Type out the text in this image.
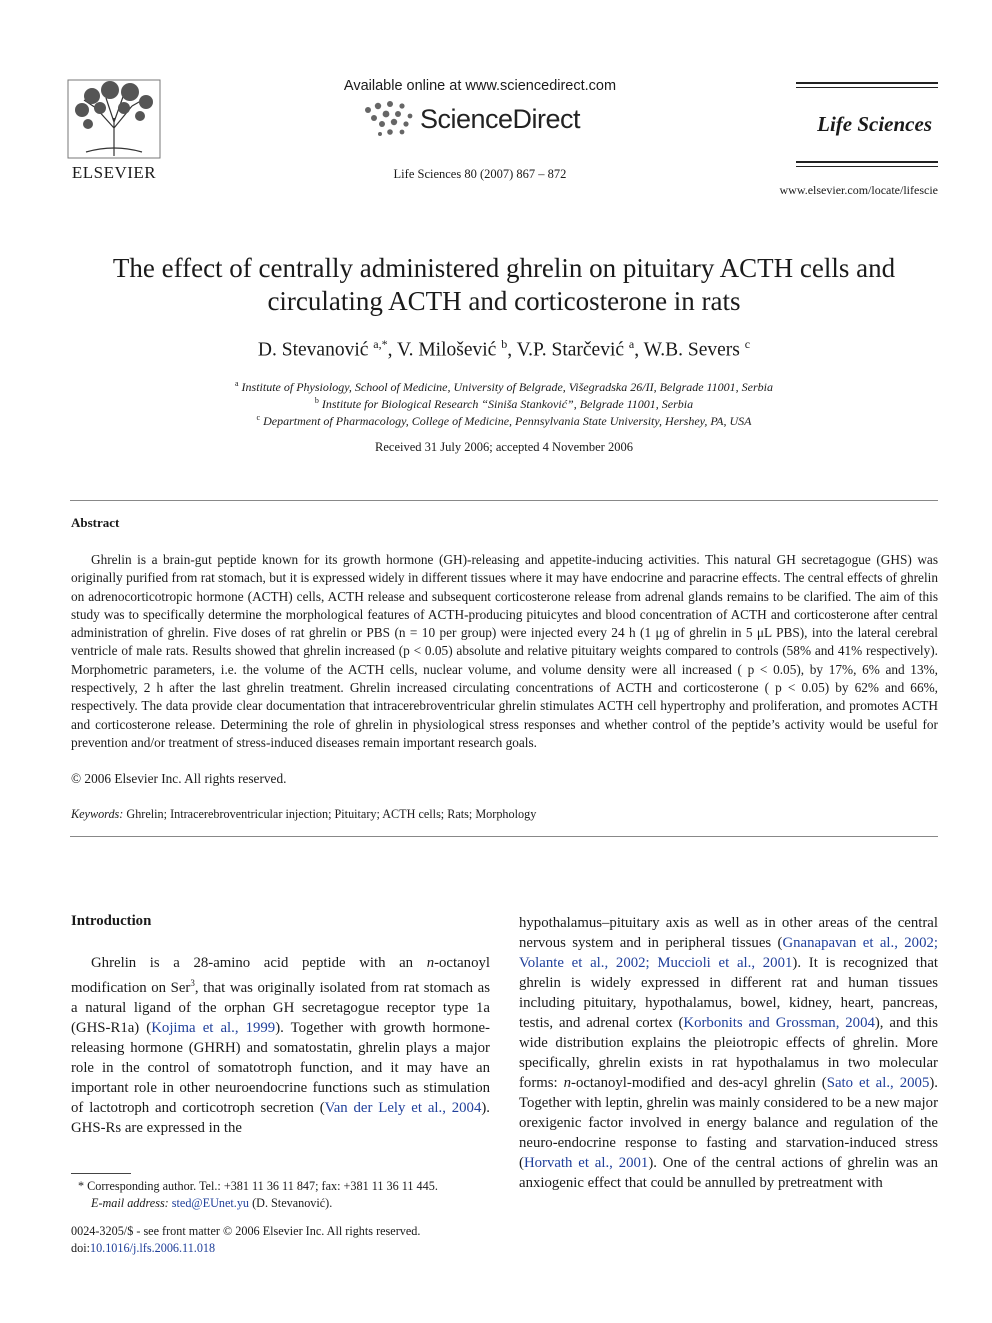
ELSEVIER
Available online at www.sciencedirect.com
ScienceDirect
Life Sciences 80 (2007) 867 – 872
Life Sciences
www.elsevier.com/locate/lifescie
The effect of centrally administered ghrelin on pituitary ACTH cells and
circulating ACTH and corticosterone in rats
D. Stevanović $^{a,*}$, V. Milošević $^b$, V.P. Starčević $^a$, W.B. Severs $^c$
$^a$ Institute of Physiology, School of Medicine, University of Belgrade, Višegradska 26/II, Belgrade 11001, Serbia
$^b$ Institute for Biological Research “Siniša Stanković”, Belgrade 11001, Serbia
$^c$ Department of Pharmacology, College of Medicine, Pennsylvania State University, Hershey, PA, USA
Received 31 July 2006; accepted 4 November 2006
Abstract
Ghrelin is a brain-gut peptide known for its growth hormone (GH)-releasing and appetite-inducing activities. This natural GH secretagogue (GHS) was originally purified from rat stomach, but it is expressed widely in different tissues where it may have endocrine and paracrine effects. The central effects of ghrelin on adrenocorticotropic hormone (ACTH) cells, ACTH release and subsequent corticosterone release from adrenal glands remains to be clarified. The aim of this study was to specifically determine the morphological features of ACTH-producing pituicytes and blood concentration of ACTH and corticosterone after central administration of ghrelin. Five doses of rat ghrelin or PBS (n = 10 per group) were injected every 24 h (1 μg of ghrelin in 5 μL PBS), into the lateral cerebral ventricle of male rats. Results showed that ghrelin increased (p < 0.05) absolute and relative pituitary weights compared to controls (58% and 41% respectively). Morphometric parameters, i.e. the volume of the ACTH cells, nuclear volume, and volume density were all increased ( p < 0.05), by 17%, 6% and 13%, respectively, 2 h after the last ghrelin treatment. Ghrelin increased circulating concentrations of ACTH and corticosterone ( p < 0.05) by 62% and 66%, respectively. The data provide clear documentation that intracerebroventricular ghrelin stimulates ACTH cell hypertrophy and proliferation, and promotes ACTH and corticosterone release. Determining the role of ghrelin in physiological stress responses and whether control of the peptide’s activity would be useful for prevention and/or treatment of stress-induced diseases remain important research goals.
© 2006 Elsevier Inc. All rights reserved.
Keywords: Ghrelin; Intracerebroventricular injection; Pituitary; ACTH cells; Rats; Morphology
Introduction
Ghrelin is a 28-amino acid peptide with an n-octanoyl modification on Ser$^3$, that was originally isolated from rat stomach as a natural ligand of the orphan GH secretagogue receptor type 1a (GHS-R1a) (Kojima et al., 1999). Together with growth hormone-releasing hormone (GHRH) and somatostatin, ghrelin plays a major role in the control of somatotroph function, and it may have an important role in other neuroendocrine functions such as stimulation of lactotroph and corticotroph secretion (Van der Lely et al., 2004). GHS-Rs are expressed in the
hypothalamus–pituitary axis as well as in other areas of the central nervous system and in peripheral tissues (Gnanapavan et al., 2002; Volante et al., 2002; Muccioli et al., 2001). It is recognized that ghrelin is widely expressed in different rat and human tissues including pituitary, hypothalamus, bowel, kidney, heart, pancreas, testis, and adrenal cortex (Korbonits and Grossman, 2004), and this wide distribution explains the pleiotropic effects of ghrelin. More specifically, ghrelin exists in rat hypothalamus in two molecular forms: n-octanoyl-modified and des-acyl ghrelin (Sato et al., 2005). Together with leptin, ghrelin was mainly considered to be a new major orexigenic factor involved in energy balance and regulation of the neuro-endocrine response to fasting and starvation-induced stress (Horvath et al., 2001). One of the central actions of ghrelin was an anxiogenic effect that could be annulled by pretreatment with
* Corresponding author. Tel.: +381 11 36 11 847; fax: +381 11 36 11 445.
E-mail address: sted@EUnet.yu (D. Stevanović).
0024-3205/$ - see front matter © 2006 Elsevier Inc. All rights reserved.
doi:10.1016/j.lfs.2006.11.018
